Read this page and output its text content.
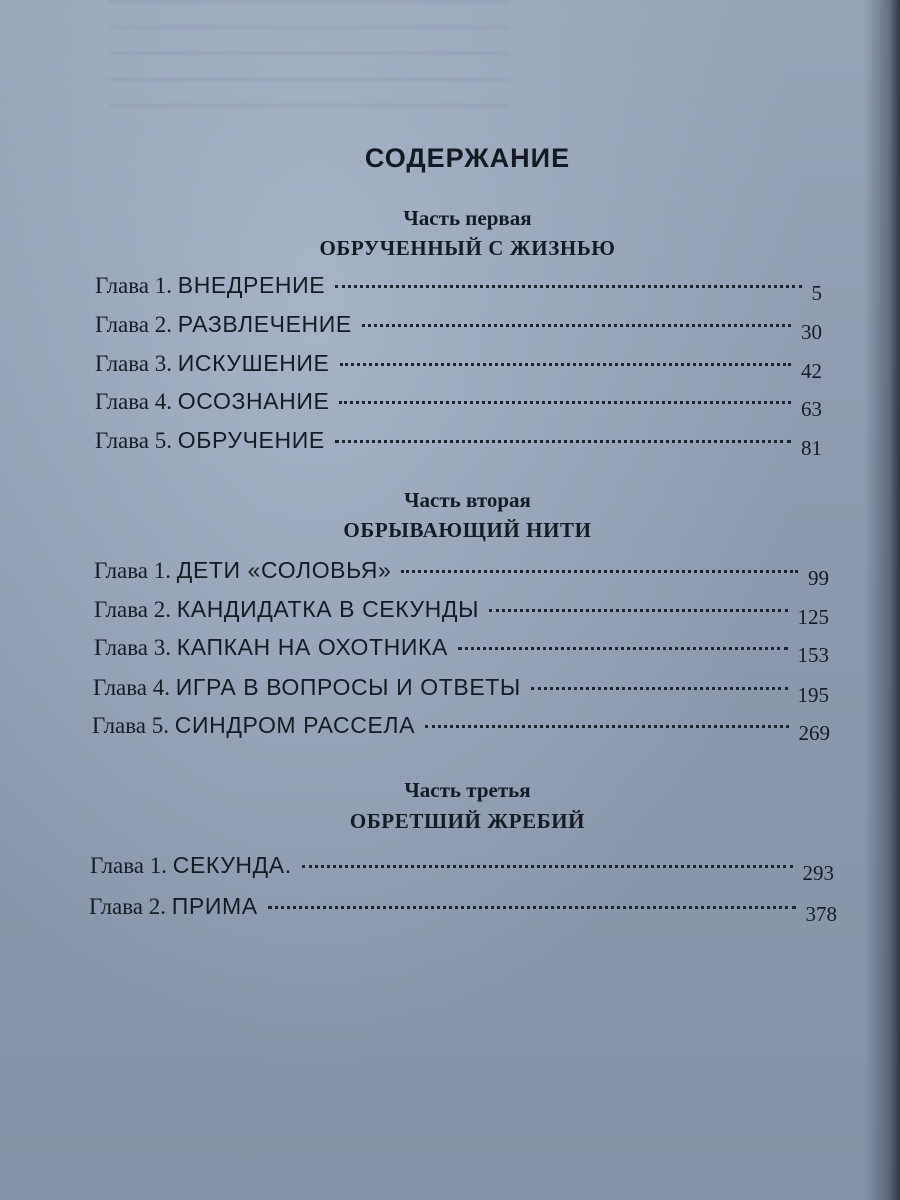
СОДЕРЖАНИЕ
Часть первая
ОБРУЧЕННЫЙ С ЖИЗНЬЮ
Глава 1. ВНЕДРЕНИЕ	5
Глава 2. РАЗВЛЕЧЕНИЕ	30
Глава 3. ИСКУШЕНИЕ	42
Глава 4. ОСОЗНАНИЕ	63
Глава 5. ОБРУЧЕНИЕ	81
Часть вторая
ОБРЫВАЮЩИЙ НИТИ
Глава 1. ДЕТИ «СОЛОВЬЯ»	99
Глава 2. КАНДИДАТКА В СЕКУНДЫ	125
Глава 3. КАПКАН НА ОХОТНИКА	153
Глава 4. ИГРА В ВОПРОСЫ И ОТВЕТЫ	195
Глава 5. СИНДРОМ РАССЕЛА	269
Часть третья
ОБРЕТШИЙ ЖРЕБИЙ
Глава 1. СЕКУНДА.	293
Глава 2. ПРИМА	378
